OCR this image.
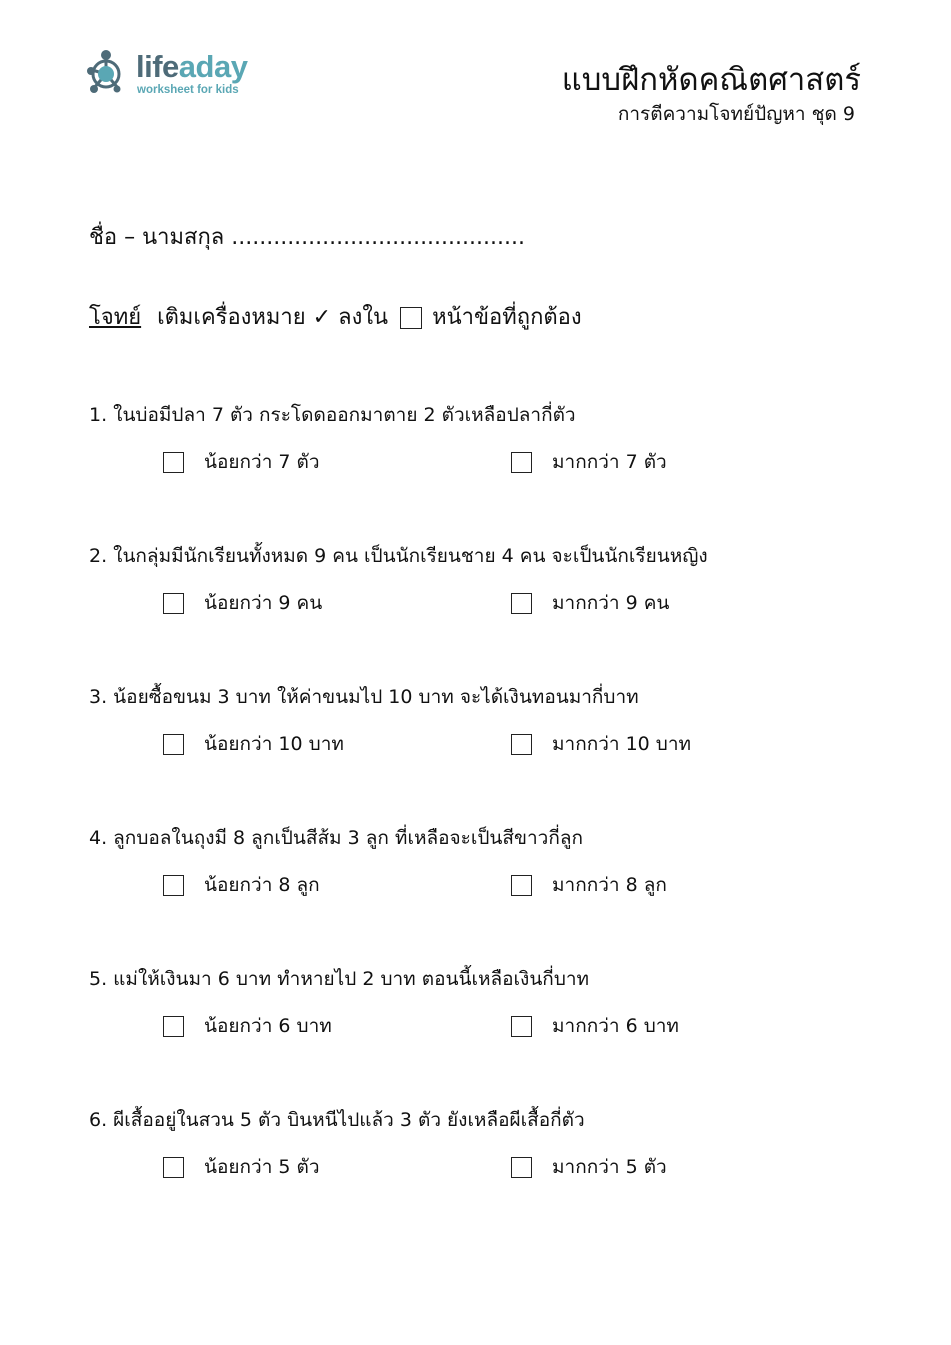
lifeaday
worksheet for kids	แบบฝึกหัดคณิตศาสตร์
การตีความโจทย์ปัญหา ชุด 9
ชื่อ – นามสกุล ..........................................
โจทย์ เติมเครื่องหมาย ✓ ลงใน หน้าข้อที่ถูกต้อง
1. ในบ่อมีปลา 7 ตัว กระโดดออกมาตาย 2 ตัวเหลือปลากี่ตัว
น้อยกว่า 7 ตัว	มากกว่า 7 ตัว
2. ในกลุ่มมีนักเรียนทั้งหมด 9 คน เป็นนักเรียนชาย 4 คน จะเป็นนักเรียนหญิง
น้อยกว่า 9 คน	มากกว่า 9 คน
3. น้อยซื้อขนม 3 บาท ให้ค่าขนมไป 10 บาท จะได้เงินทอนมากี่บาท
น้อยกว่า 10 บาท	มากกว่า 10 บาท
4. ลูกบอลในถุงมี 8 ลูกเป็นสีส้ม 3 ลูก ที่เหลือจะเป็นสีขาวกี่ลูก
น้อยกว่า 8 ลูก	มากกว่า 8 ลูก
5. แม่ให้เงินมา 6 บาท ทำหายไป 2 บาท ตอนนี้เหลือเงินกี่บาท
น้อยกว่า 6 บาท	มากกว่า 6 บาท
6. ผีเสื้ออยู่ในสวน 5 ตัว บินหนีไปแล้ว 3 ตัว ยังเหลือผีเสื้อกี่ตัว
น้อยกว่า 5 ตัว	มากกว่า 5 ตัว
